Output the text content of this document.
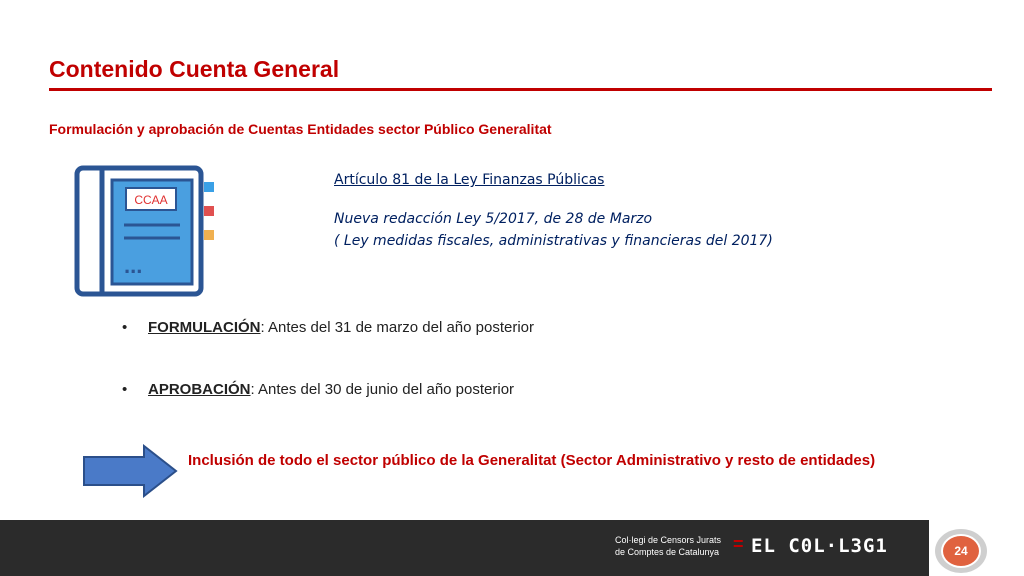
Contenido Cuenta General
Formulación y aprobación de Cuentas Entidades sector Público Generalitat
CCAA
...
Artículo 81 de la Ley Finanzas Públicas
Nueva redacción Ley 5/2017, de 28 de Marzo
( Ley medidas fiscales, administrativas y financieras del 2017)
• FORMULACIÓN: Antes del 31 de marzo del año posterior
• APROBACIÓN: Antes del 30 de junio del año posterior
Inclusión de todo el sector público de la Generalitat (Sector Administrativo y resto de entidades)
Col·legi de Censors Jurats
de Comptes de Catalunya = EL C0L·L3G1	24
